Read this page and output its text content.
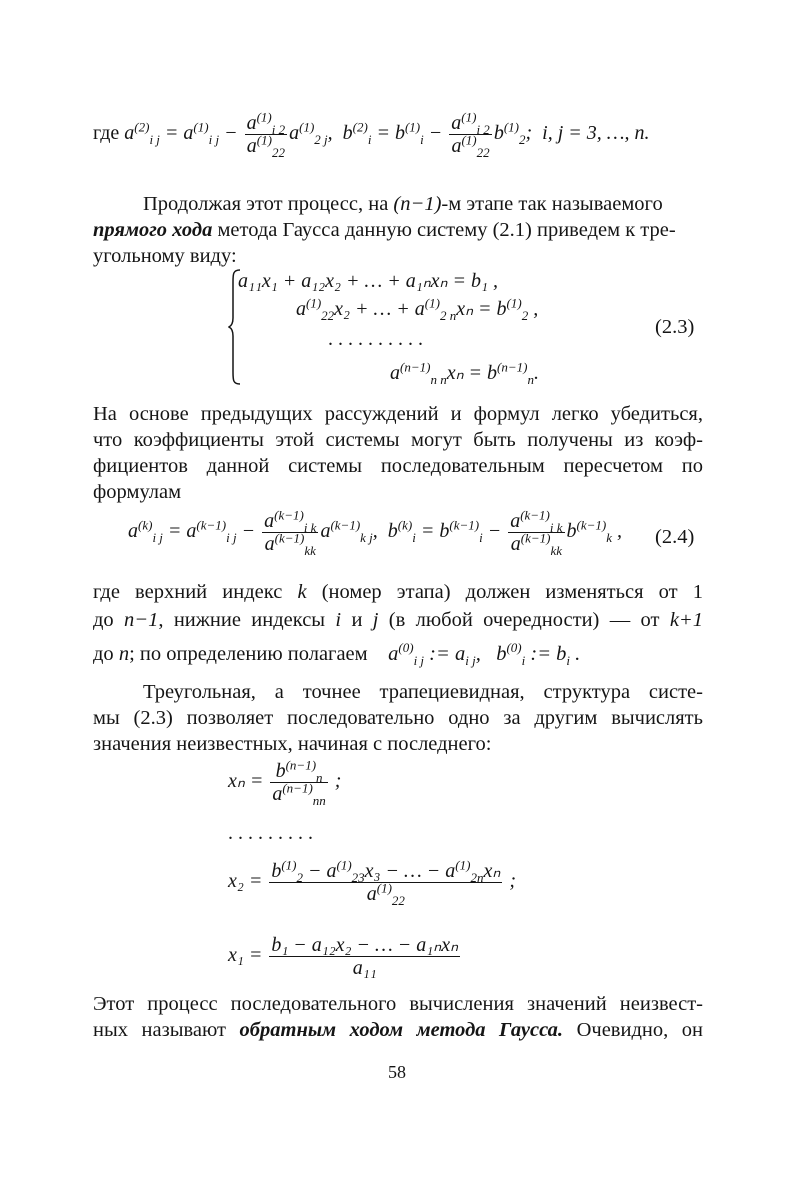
где $a^{(2)}_{i j} = a^{(1)}_{i j} - \frac{a^{(1)}_{i 2}}{a^{(1)}_{22}} a^{(1)}_{2 j}$,  $b^{(2)}_i = b^{(1)}_i - \frac{a^{(1)}_{i 2}}{a^{(1)}_{22}} b^{(1)}_2$;  i, j = 3, …, n.
Продолжая этот процесс, на (n−1)-м этапе так называемого
прямого хода метода Гаусса данную систему (2.1) приведем к тре-
угольному виду:
a₁₁x₁ + a₁₂x₂ + … + a₁ₙxₙ = b₁ ,
$a^{(1)}_{22}x_2$ + … + $a^{(1)}_{2 n}x_n = b^{(1)}_2$ ,
. . . . . . . . . .
$a^{(n-1)}_{n n}x_n = b^{(n-1)}_n$.
(2.3)
На основе предыдущих рассуждений и формул легко убедиться,
что коэффициенты этой системы могут быть получены из коэф-
фициентов данной системы последовательным пересчетом по
формулам
$a^{(k)}_{i j} = a^{(k-1)}_{i j} - \frac{a^{(k-1)}_{i k}}{a^{(k-1)}_{kk}} a^{(k-1)}_{k j}$,  $b^{(k)}_i = b^{(k-1)}_i - \frac{a^{(k-1)}_{i k}}{a^{(k-1)}_{kk}} b^{(k-1)}_k$ , (2.4)
где верхний индекс k (номер этапа) должен изменяться от 1
до n−1, нижние индексы i и j (в любой очередности) — от k+1
до n; по определению полагаем $a^{(0)}_{i j}$ := $a_{i j}$, $b^{(0)}_i$ := $b_i$ .
Треугольная, а точнее трапециевидная, структура систе-
мы (2.3) позволяет последовательно одно за другим вычислять
значения неизвестных, начиная с последнего:
$x_n = \frac{b^{(n-1)}_n}{a^{(n-1)}_{nn}}$ ;
. . . . . . . . .
$x_2 = \frac{b^{(1)}_2 - a^{(1)}_{23}x_3 - \dots - a^{(1)}_{2n}x_n}{a^{(1)}_{22}}$ ;
$x_1 = \frac{\text{b₁ − a₁₂x₂ − … − a₁ₙxₙ}}{\text{a₁₁}}$
Этот процесс последовательного вычисления значений неизвест-
ных называют обратным ходом метода Гаусса. Очевидно, он
58
